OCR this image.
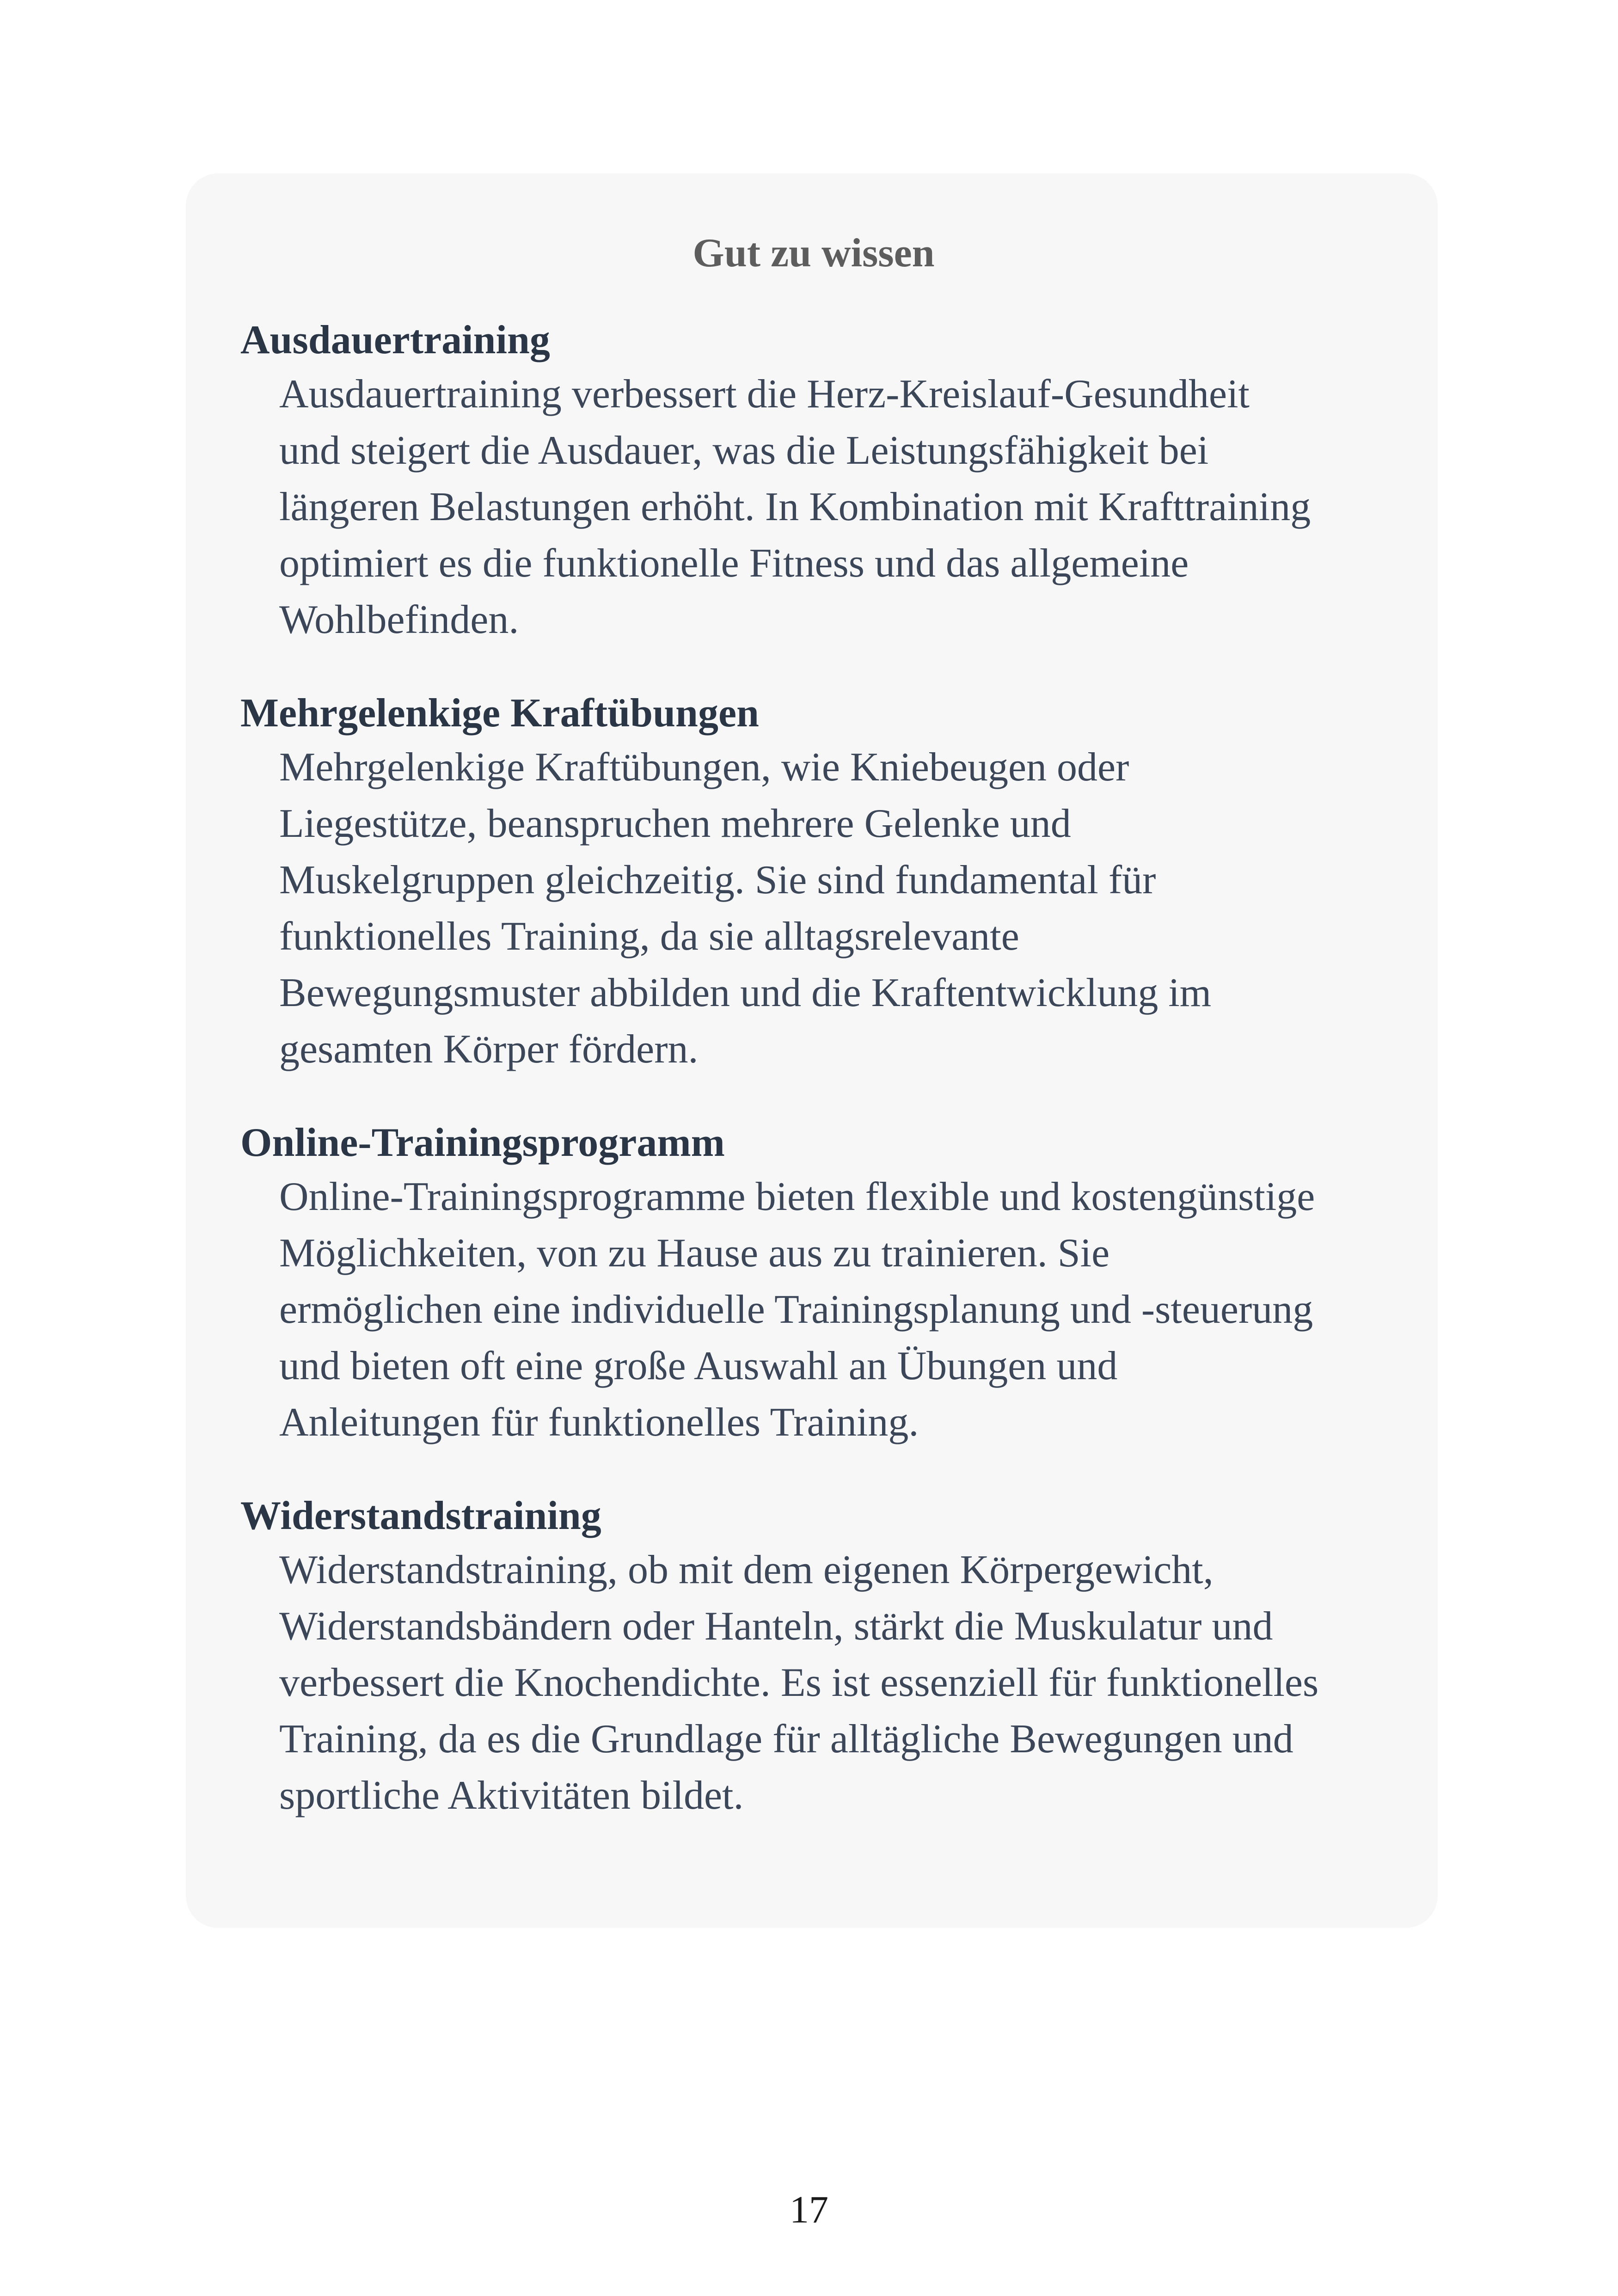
Gut zu wissen
Ausdauertraining
Ausdauertraining verbessert die Herz-Kreislauf-Gesundheit
und steigert die Ausdauer, was die Leistungsfähigkeit bei
längeren Belastungen erhöht. In Kombination mit Krafttraining
optimiert es die funktionelle Fitness und das allgemeine
Wohlbefinden.
Mehrgelenkige Kraftübungen
Mehrgelenkige Kraftübungen, wie Kniebeugen oder
Liegestütze, beanspruchen mehrere Gelenke und
Muskelgruppen gleichzeitig. Sie sind fundamental für
funktionelles Training, da sie alltagsrelevante
Bewegungsmuster abbilden und die Kraftentwicklung im
gesamten Körper fördern.
Online-Trainingsprogramm
Online-Trainingsprogramme bieten flexible und kostengünstige
Möglichkeiten, von zu Hause aus zu trainieren. Sie
ermöglichen eine individuelle Trainingsplanung und -steuerung
und bieten oft eine große Auswahl an Übungen und
Anleitungen für funktionelles Training.
Widerstandstraining
Widerstandstraining, ob mit dem eigenen Körpergewicht,
Widerstandsbändern oder Hanteln, stärkt die Muskulatur und
verbessert die Knochendichte. Es ist essenziell für funktionelles
Training, da es die Grundlage für alltägliche Bewegungen und
sportliche Aktivitäten bildet.
17
